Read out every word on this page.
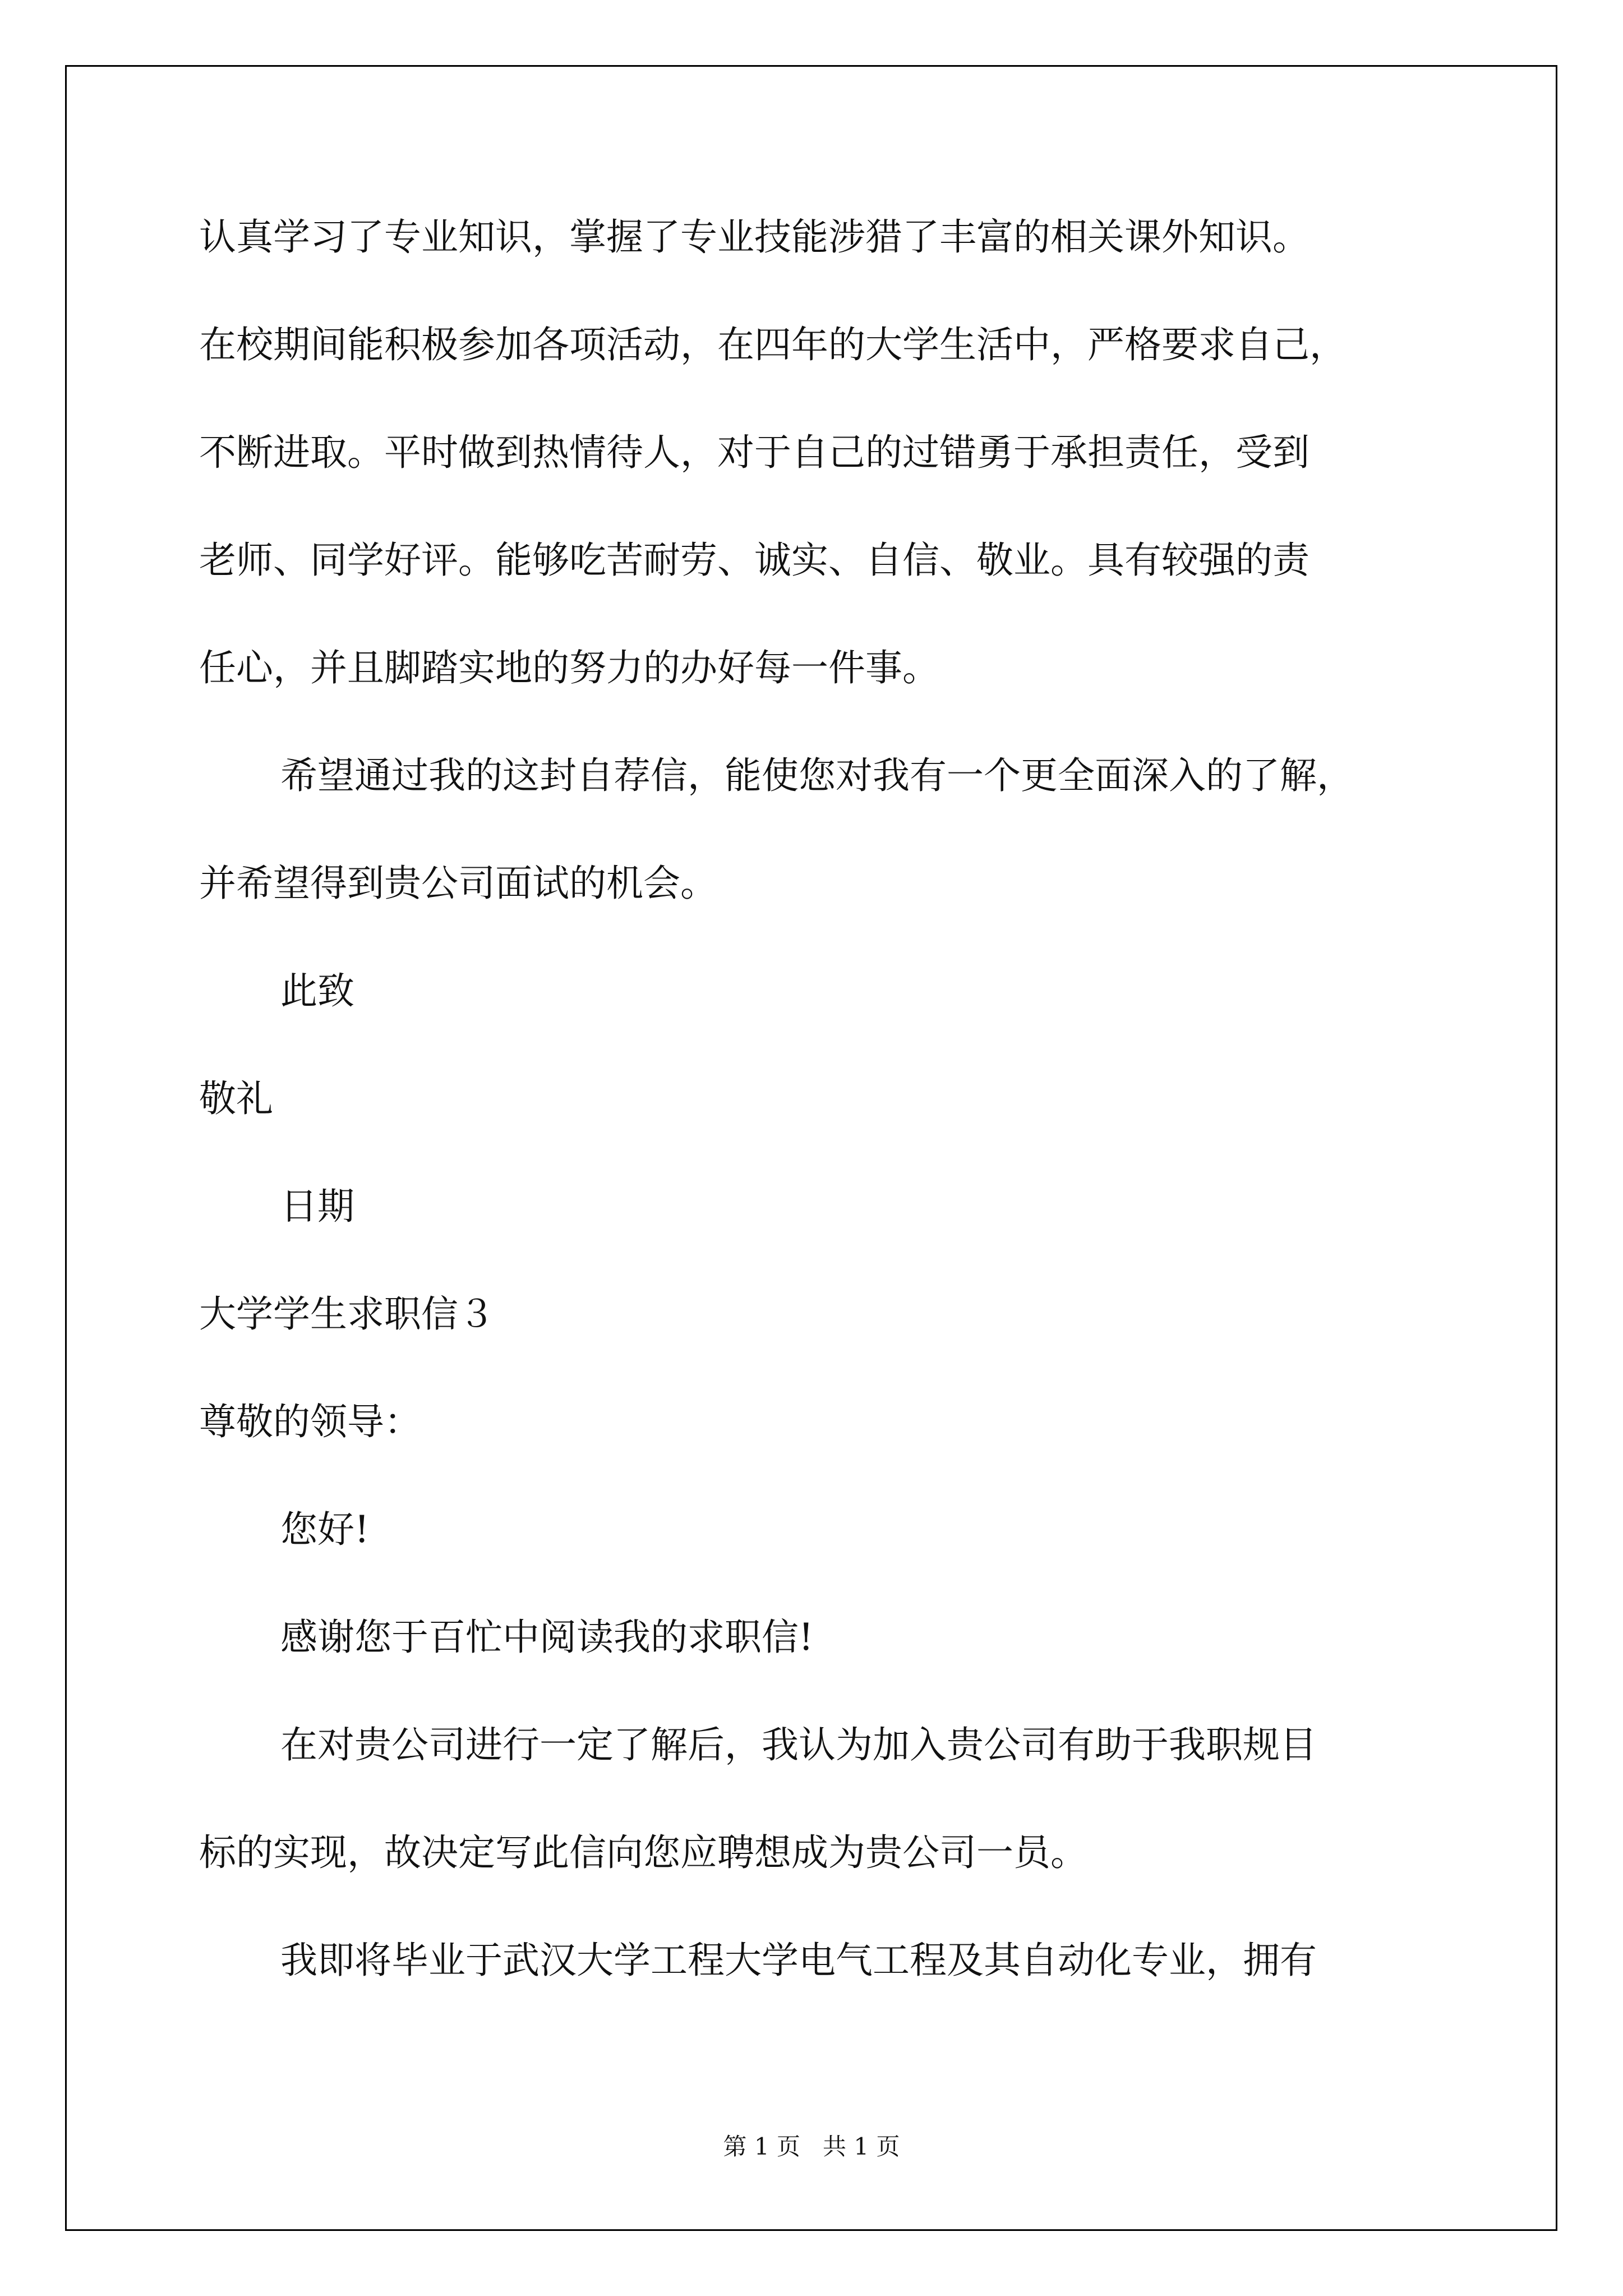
认真学习了专业知识，掌握了专业技能涉猎了丰富的相关课外知识。
在校期间能积极参加各项活动，在四年的大学生活中，严格要求自己，
不断进取。平时做到热情待人，对于自己的过错勇于承担责任，受到
老师、同学好评。能够吃苦耐劳、诚实、自信、敬业。具有较强的责
任心，并且脚踏实地的努力的办好每一件事。
希望通过我的这封自荐信，能使您对我有一个更全面深入的了解，
并希望得到贵公司面试的机会。
此致
敬礼
日期
大学学生求职信３
尊敬的领导：
您好!
感谢您于百忙中阅读我的求职信!
在对贵公司进行一定了解后，我认为加入贵公司有助于我职规目
标的实现，故决定写此信向您应聘想成为贵公司一员。
我即将毕业于武汉大学工程大学电气工程及其自动化专业，拥有
第 1 页   共 1 页
